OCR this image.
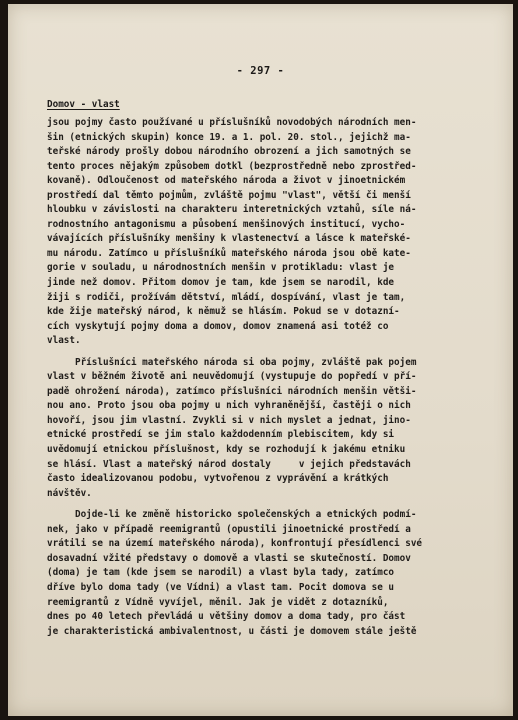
- 297 -
Domov - vlast
jsou pojmy často používané u příslušníků novodobých národních men-
šin (etnických skupin) konce 19. a 1. pol. 20. stol., jejichž ma-
teřské národy prošly dobou národního obrození a jich samotných se
tento proces nějakým způsobem dotkl (bezprostředně nebo zprostřed-
kovaně). Odloučenost od mateřského národa a život v jinoetnickém
prostředí dal těmto pojmům, zvláště pojmu "vlast", větší či menší
hloubku v závislosti na charakteru interetnických vztahů, síle ná-
rodnostního antagonismu a působení menšinových institucí, vycho-
vávajících příslušníky menšiny k vlastenectví a lásce k mateřské-
mu národu. Zatímco u příslušníků mateřského národa jsou obě kate-
gorie v souladu, u národnostních menšin v protikladu: vlast je
jinde než domov. Přitom domov je tam, kde jsem se narodil, kde
žiji s rodiči, prožívám dětství, mládí, dospívání, vlast je tam,
kde žije mateřský národ, k němuž se hlásím. Pokud se v dotazní-
cích vyskytují pojmy doma a domov, domov znamená asi totéž co
vlast.
Příslušníci mateřského národa si oba pojmy, zvláště pak pojem
vlast v běžném životě ani neuvědomují (vystupuje do popředí v pří-
padě ohrožení národa), zatímco příslušníci národních menšin větši-
nou ano. Proto jsou oba pojmy u nich vyhraněnější, častěji o nich
hovoří, jsou jim vlastní. Zvykli si v nich myslet a jednat, jino-
etnické prostředí se jim stalo každodenním plebiscitem, kdy si
uvědomují etnickou příslušnost, kdy se rozhodují k jakému etniku
se hlásí. Vlast a mateřský národ dostaly     v jejich představách
často idealizovanou podobu, vytvořenou z vyprávění a krátkých
návštěv.
Dojde-li ke změně historicko společenských a etnických podmí-
nek, jako v případě reemigrantů (opustili jinoetnické prostředí a
vrátili se na území mateřského národa), konfrontují přesídlenci své
dosavadní vžité představy o domově a vlasti se skutečností. Domov
(doma) je tam (kde jsem se narodil) a vlast byla tady, zatímco
dříve bylo doma tady (ve Vídni) a vlast tam. Pocit domova se u
reemigrantů z Vídně vyvíjel, měnil. Jak je vidět z dotazníků,
dnes po 40 letech převládá u většiny domov a doma tady, pro část
je charakteristická ambivalentnost, u části je domovem stále ještě
